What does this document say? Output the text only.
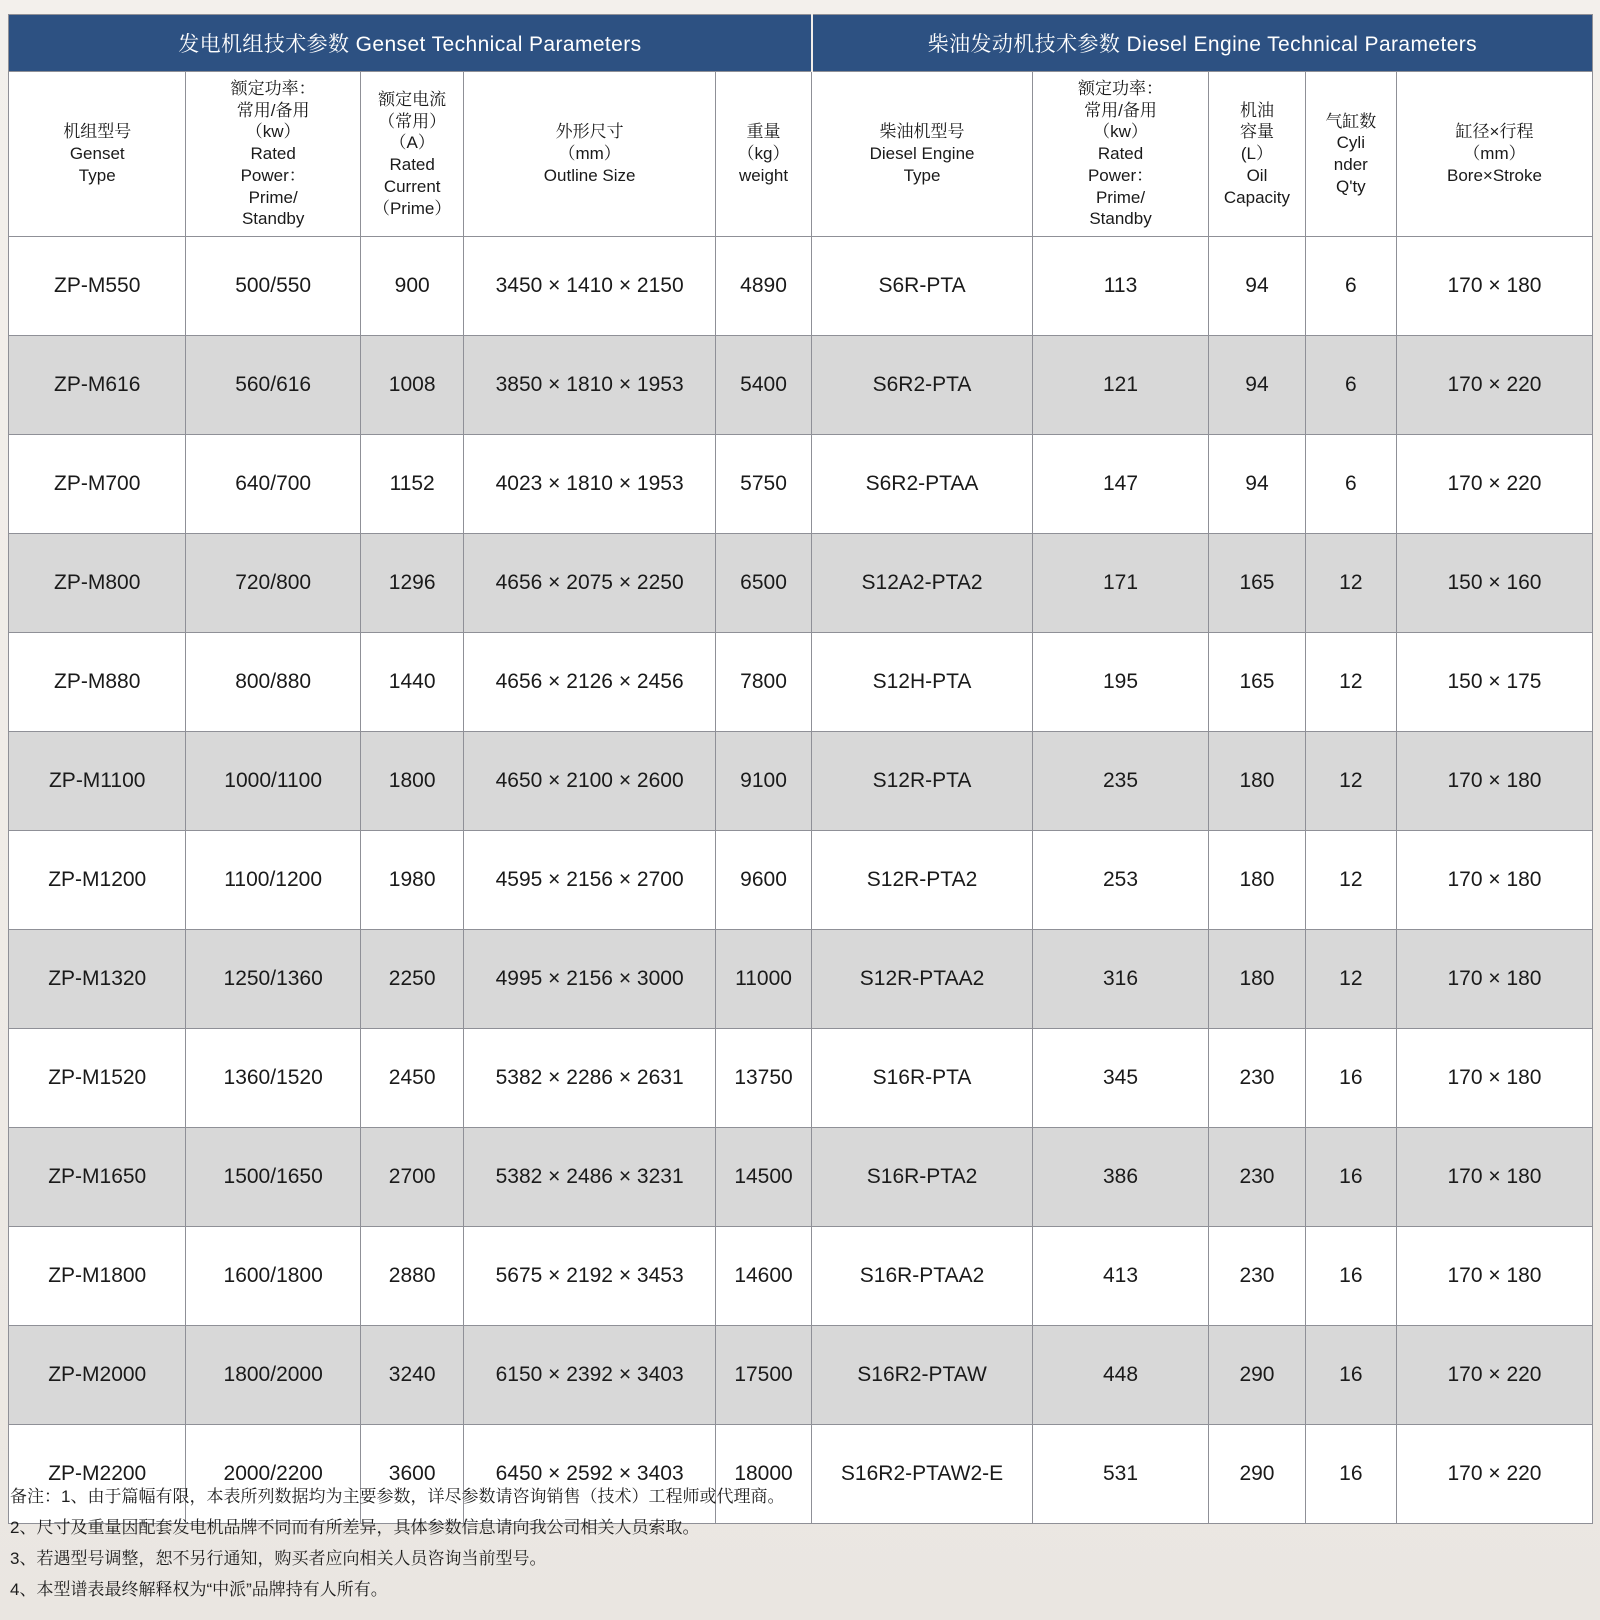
发电机组技术参数 Genset Technical Parameters					柴油发动机技术参数 Diesel Engine Technical Parameters				

机组型号
Genset
Type

额定功率：
常用/备用
（kw）
Rated
Power：
Prime/
Standby

额定电流
（常用）
（A）
Rated
Current
（Prime）

外形尺寸
（mm）
Outline Size

重量
（kg）
weight

柴油机型号
Diesel Engine
Type

额定功率：
常用/备用
（kw）
Rated
Power：
Prime/
Standby

机油
容量
(L）
Oil
Capacity

气缸数
Cyli
nder
Q'ty

缸径×行程
（mm）
Bore×Stroke

ZP-M550	500/550	900	3450 × 1410 × 2150	4890	S6R-PTA	113	94	6	170 × 180
ZP-M616	560/616	1008	3850 × 1810 × 1953	5400	S6R2-PTA	121	94	6	170 × 220
ZP-M700	640/700	1152	4023 × 1810 × 1953	5750	S6R2-PTAA	147	94	6	170 × 220
ZP-M800	720/800	1296	4656 × 2075 × 2250	6500	S12A2-PTA2	171	165	12	150 × 160
ZP-M880	800/880	1440	4656 × 2126 × 2456	7800	S12H-PTA	195	165	12	150 × 175
ZP-M1100	1000/1100	1800	4650 × 2100 × 2600	9100	S12R-PTA	235	180	12	170 × 180
ZP-M1200	1100/1200	1980	4595 × 2156 × 2700	9600	S12R-PTA2	253	180	12	170 × 180
ZP-M1320	1250/1360	2250	4995 × 2156 × 3000	11000	S12R-PTAA2	316	180	12	170 × 180
ZP-M1520	1360/1520	2450	5382 × 2286 × 2631	13750	S16R-PTA	345	230	16	170 × 180
ZP-M1650	1500/1650	2700	5382 × 2486 × 3231	14500	S16R-PTA2	386	230	16	170 × 180
ZP-M1800	1600/1800	2880	5675 × 2192 × 3453	14600	S16R-PTAA2	413	230	16	170 × 180
ZP-M2000	1800/2000	3240	6150 × 2392 × 3403	17500	S16R2-PTAW	448	290	16	170 × 220
ZP-M2200	2000/2200	3600	6450 × 2592 × 3403	18000	S16R2-PTAW2-E	531	290	16	170 × 220
备注：1、由于篇幅有限，本表所列数据均为主要参数，详尽参数请咨询销售（技术）工程师或代理商。
2、尺寸及重量因配套发电机品牌不同而有所差异，具体参数信息请向我公司相关人员索取。
3、若遇型号调整，恕不另行通知，购买者应向相关人员咨询当前型号。
4、本型谱表最终解释权为“中派”品牌持有人所有。
